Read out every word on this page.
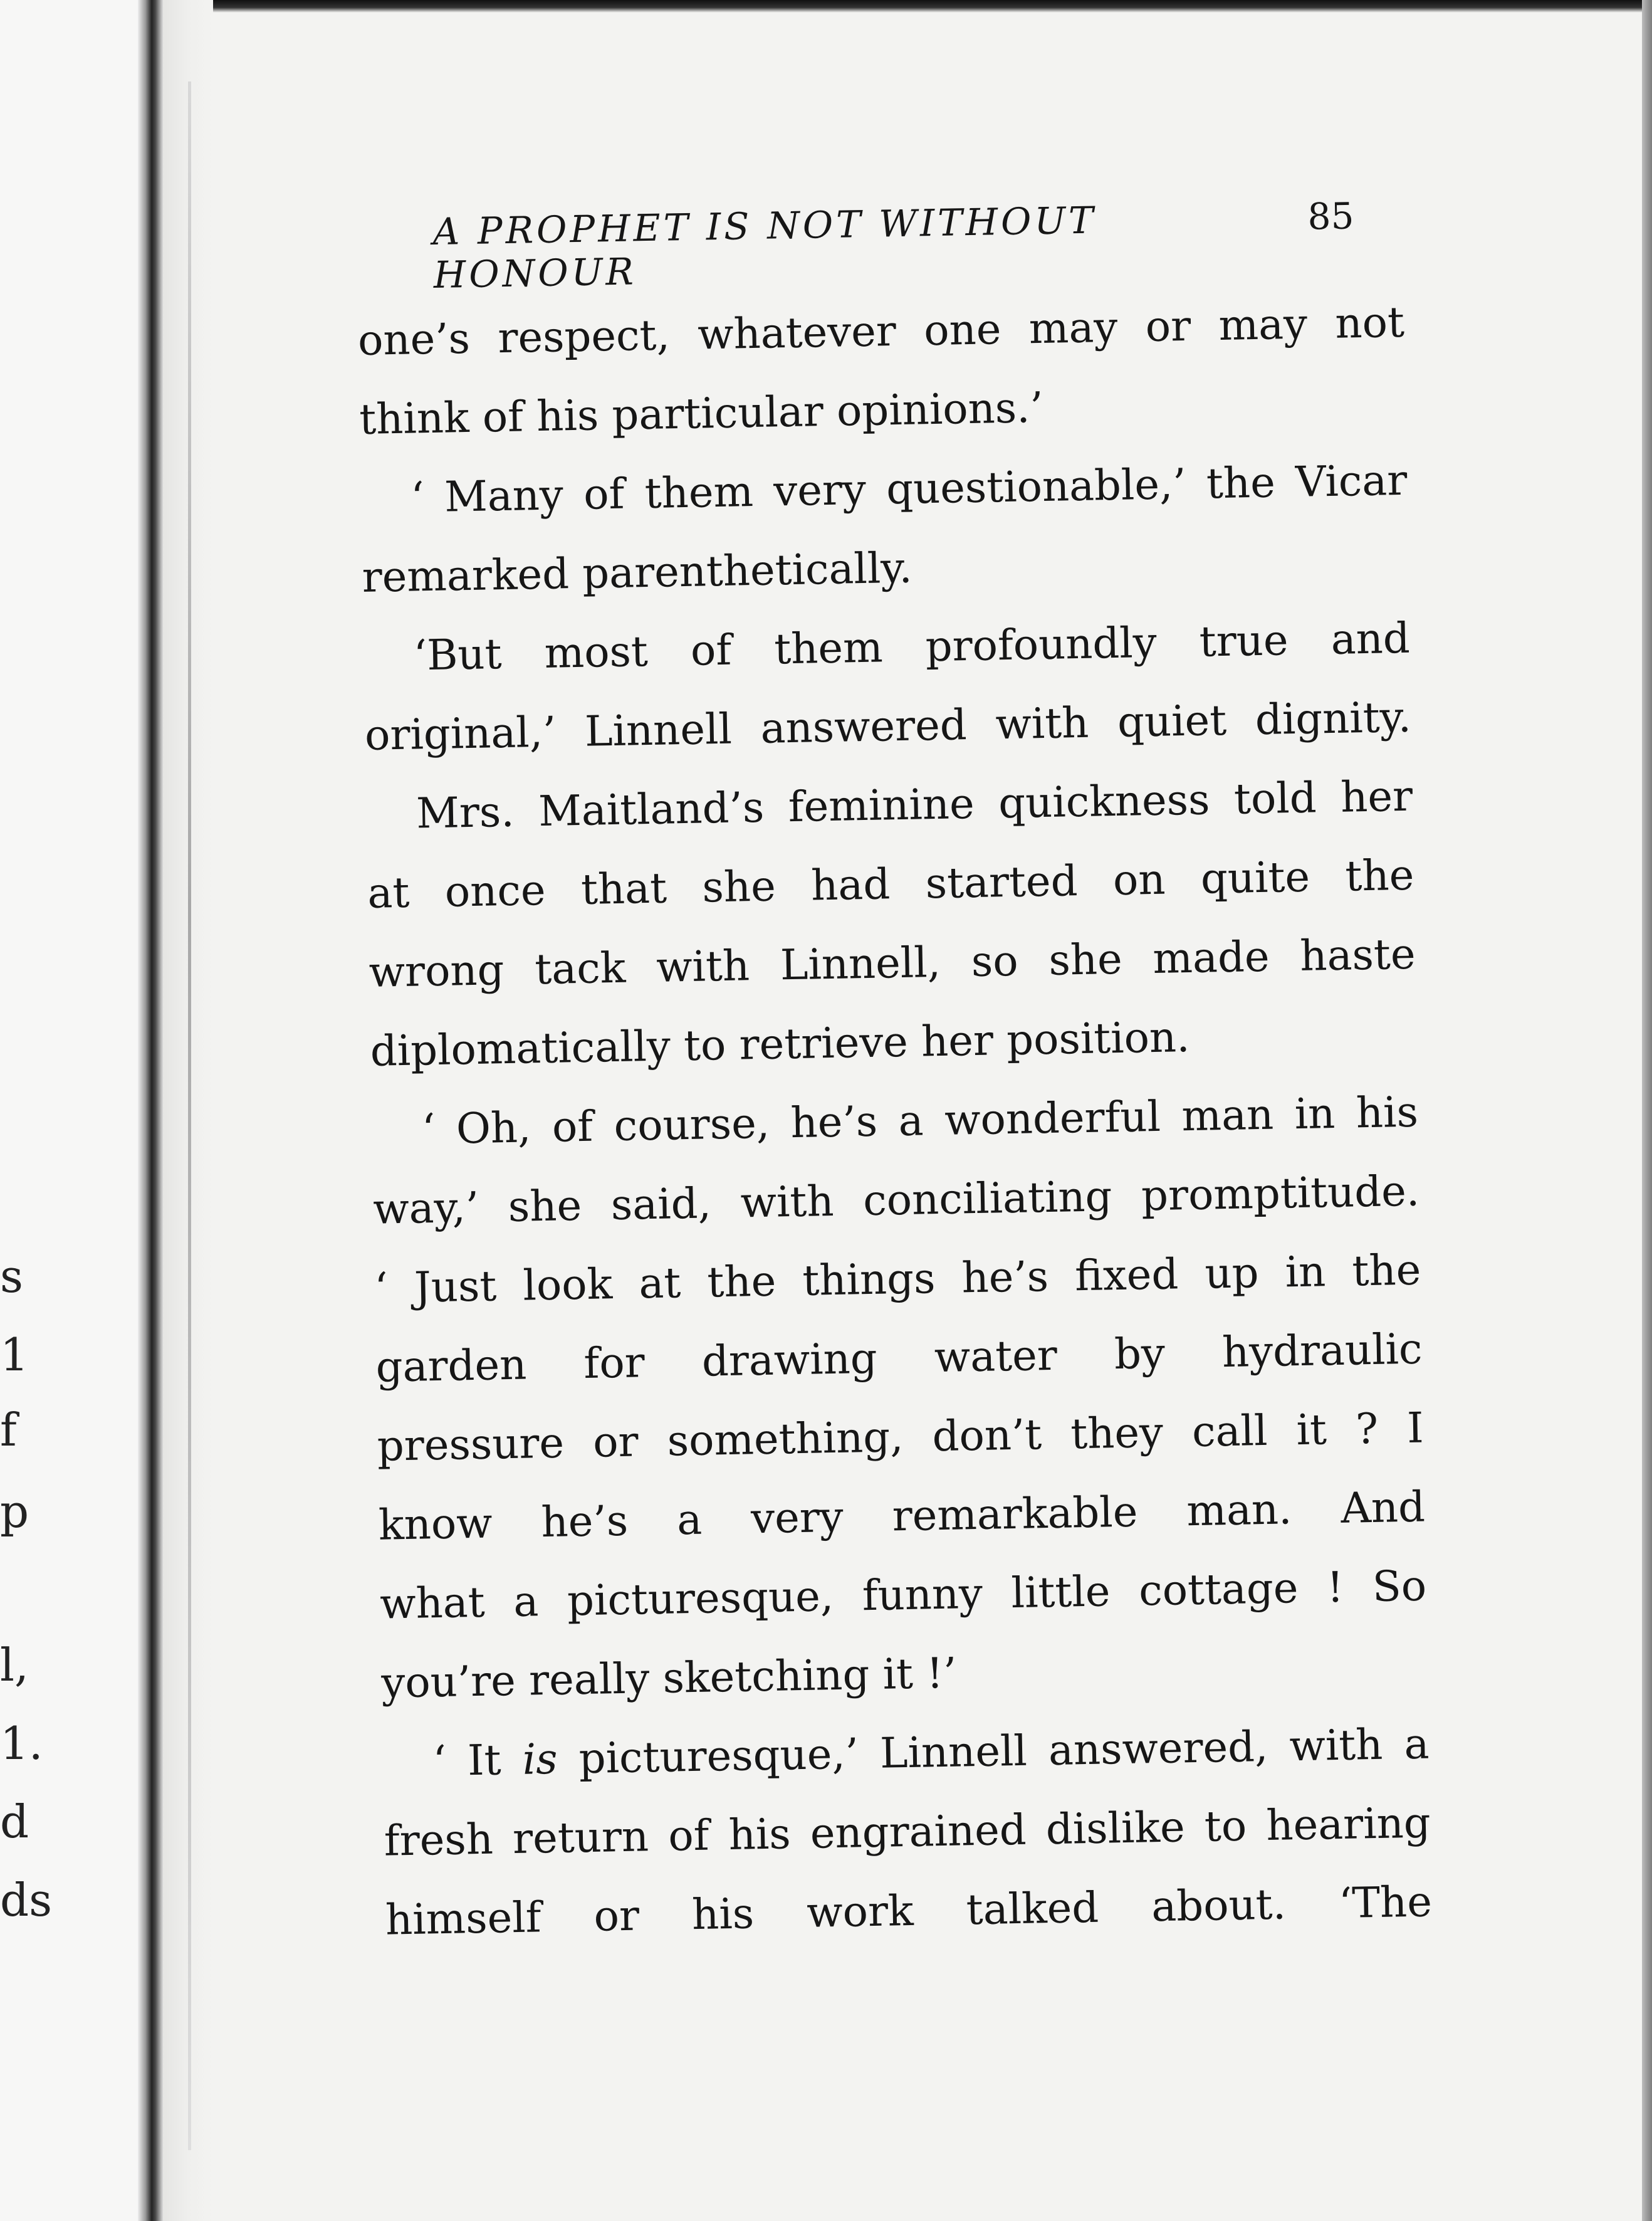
s
1
f
p
l,
1.
d
ds
A PROPHET IS NOT WITHOUT HONOUR
85
one’s respect, whatever one may or may not
think of his particular opinions.’
‘ Many of them very questionable,’ the Vicar
remarked parenthetically.
‘But most of them profoundly true and
original,’ Linnell answered with quiet dignity.
Mrs. Maitland’s feminine quickness told her
at once that she had started on quite the
wrong tack with Linnell, so she made haste
diplomatically to retrieve her position.
‘ Oh, of course, he’s a wonderful man in his
way,’ she said, with conciliating promptitude.
‘ Just look at the things he’s fixed up in the
garden for drawing water by hydraulic
pressure or something, don’t they call it ? I
know he’s a very remarkable man. And
what a picturesque, funny little cottage ! So
you’re really sketching it !’
‘ It is picturesque,’ Linnell answered, with a
fresh return of his engrained dislike to hearing
himself or his work talked about. ‘The
